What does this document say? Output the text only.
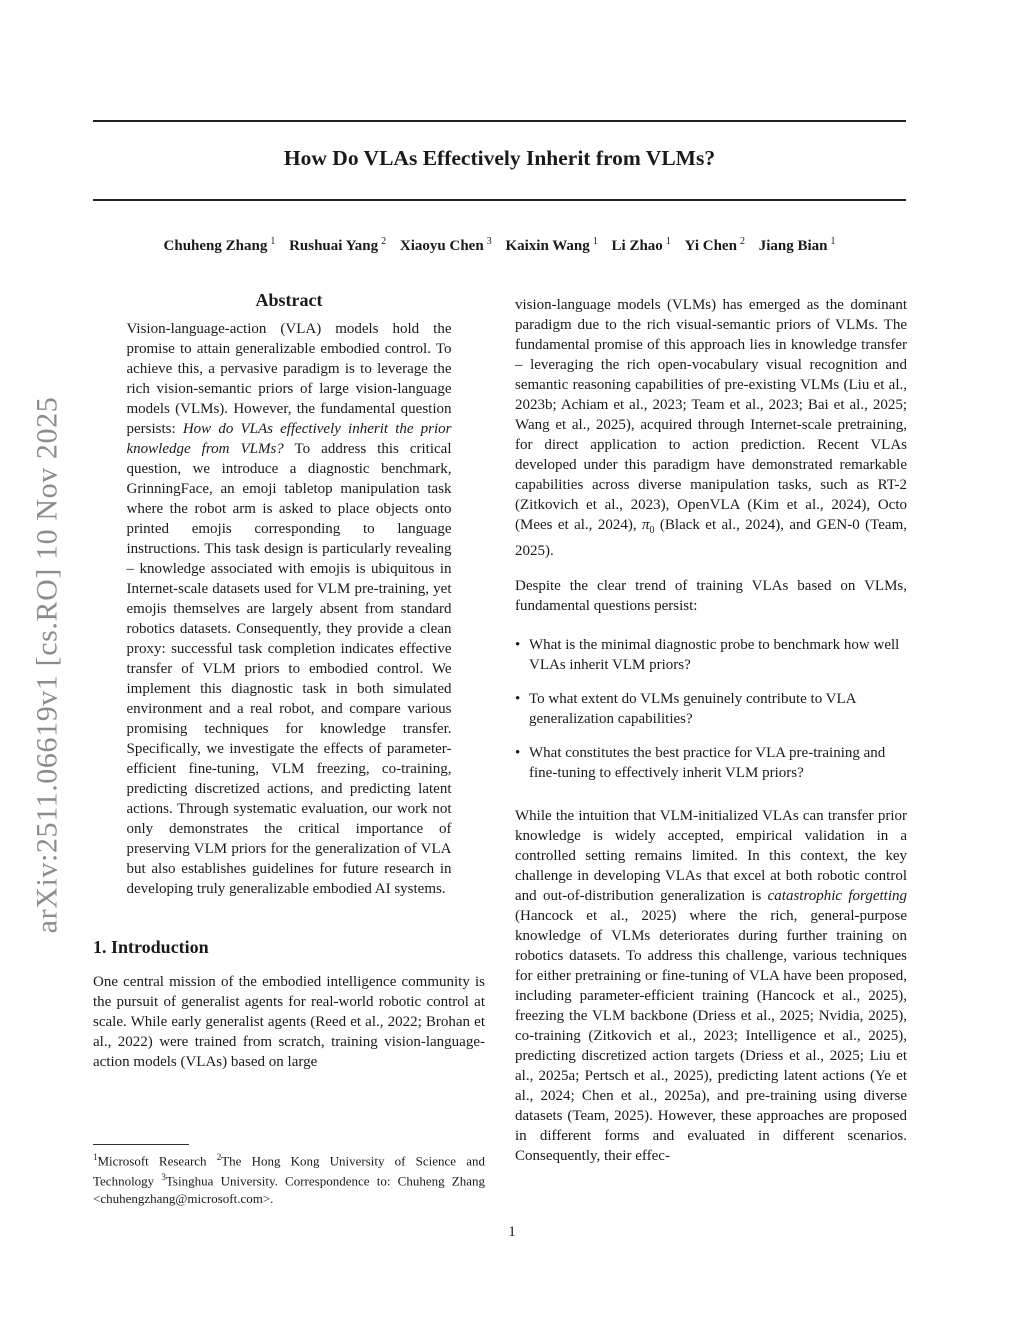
How Do VLAs Effectively Inherit from VLMs?
Chuheng Zhang $^1$ Rushuai Yang $^2$ Xiaoyu Chen $^3$ Kaixin Wang $^1$ Li Zhao $^1$ Yi Chen $^2$ Jiang Bian $^1$
arXiv:2511.06619v1 [cs.RO] 10 Nov 2025
Abstract
Vision-language-action (VLA) models hold the promise to attain generalizable embodied control. To achieve this, a pervasive paradigm is to leverage the rich vision-semantic priors of large vision-language models (VLMs). However, the fundamental question persists: How do VLAs effectively inherit the prior knowledge from VLMs? To address this critical question, we introduce a diagnostic benchmark, GrinningFace, an emoji tabletop manipulation task where the robot arm is asked to place objects onto printed emojis corresponding to language instructions. This task design is particularly revealing – knowledge associated with emojis is ubiquitous in Internet-scale datasets used for VLM pre-training, yet emojis themselves are largely absent from standard robotics datasets. Consequently, they provide a clean proxy: successful task completion indicates effective transfer of VLM priors to embodied control. We implement this diagnostic task in both simulated environment and a real robot, and compare various promising techniques for knowledge transfer. Specifically, we investigate the effects of parameter-efficient fine-tuning, VLM freezing, co-training, predicting discretized actions, and predicting latent actions. Through systematic evaluation, our work not only demonstrates the critical importance of preserving VLM priors for the generalization of VLA but also establishes guidelines for future research in developing truly generalizable embodied AI systems.
1. Introduction

One central mission of the embodied intelligence community is the pursuit of generalist agents for real-world robotic control at scale. While early generalist agents (Reed et al., 2022; Brohan et al., 2022) were trained from scratch, training vision-language-action models (VLAs) based on large

$^1$Microsoft Research $^2$The Hong Kong University of Science and Technology $^3$Tsinghua University. Correspondence to: Chuheng Zhang <chuhengzhang@microsoft.com>.

vision-language models (VLMs) has emerged as the dominant paradigm due to the rich visual-semantic priors of VLMs. The fundamental promise of this approach lies in knowledge transfer – leveraging the rich open-vocabulary visual recognition and semantic reasoning capabilities of pre-existing VLMs (Liu et al., 2023b; Achiam et al., 2023; Team et al., 2023; Bai et al., 2025; Wang et al., 2025), acquired through Internet-scale pretraining, for direct application to action prediction. Recent VLAs developed under this paradigm have demonstrated remarkable capabilities across diverse manipulation tasks, such as RT-2 (Zitkovich et al., 2023), OpenVLA (Kim et al., 2024), Octo (Mees et al., 2024), $\pi_0$ (Black et al., 2024), and GEN-0 (Team, 2025).

Despite the clear trend of training VLAs based on VLMs, fundamental questions persist:

• What is the minimal diagnostic probe to benchmark how well VLAs inherit VLM priors?
• To what extent do VLMs genuinely contribute to VLA generalization capabilities?
• What constitutes the best practice for VLA pre-training and fine-tuning to effectively inherit VLM priors?

While the intuition that VLM-initialized VLAs can transfer prior knowledge is widely accepted, empirical validation in a controlled setting remains limited. In this context, the key challenge in developing VLAs that excel at both robotic control and out-of-distribution generalization is catastrophic forgetting (Hancock et al., 2025) where the rich, general-purpose knowledge of VLMs deteriorates during further training on robotics datasets. To address this challenge, various techniques for either pretraining or fine-tuning of VLA have been proposed, including parameter-efficient training (Hancock et al., 2025), freezing the VLM backbone (Driess et al., 2025; Nvidia, 2025), co-training (Zitkovich et al., 2023; Intelligence et al., 2025), predicting discretized action targets (Driess et al., 2025; Liu et al., 2025a; Pertsch et al., 2025), predicting latent actions (Ye et al., 2024; Chen et al., 2025a), and pre-training using diverse datasets (Team, 2025). However, these approaches are proposed in different forms and evaluated in different scenarios. Consequently, their effec-

1
